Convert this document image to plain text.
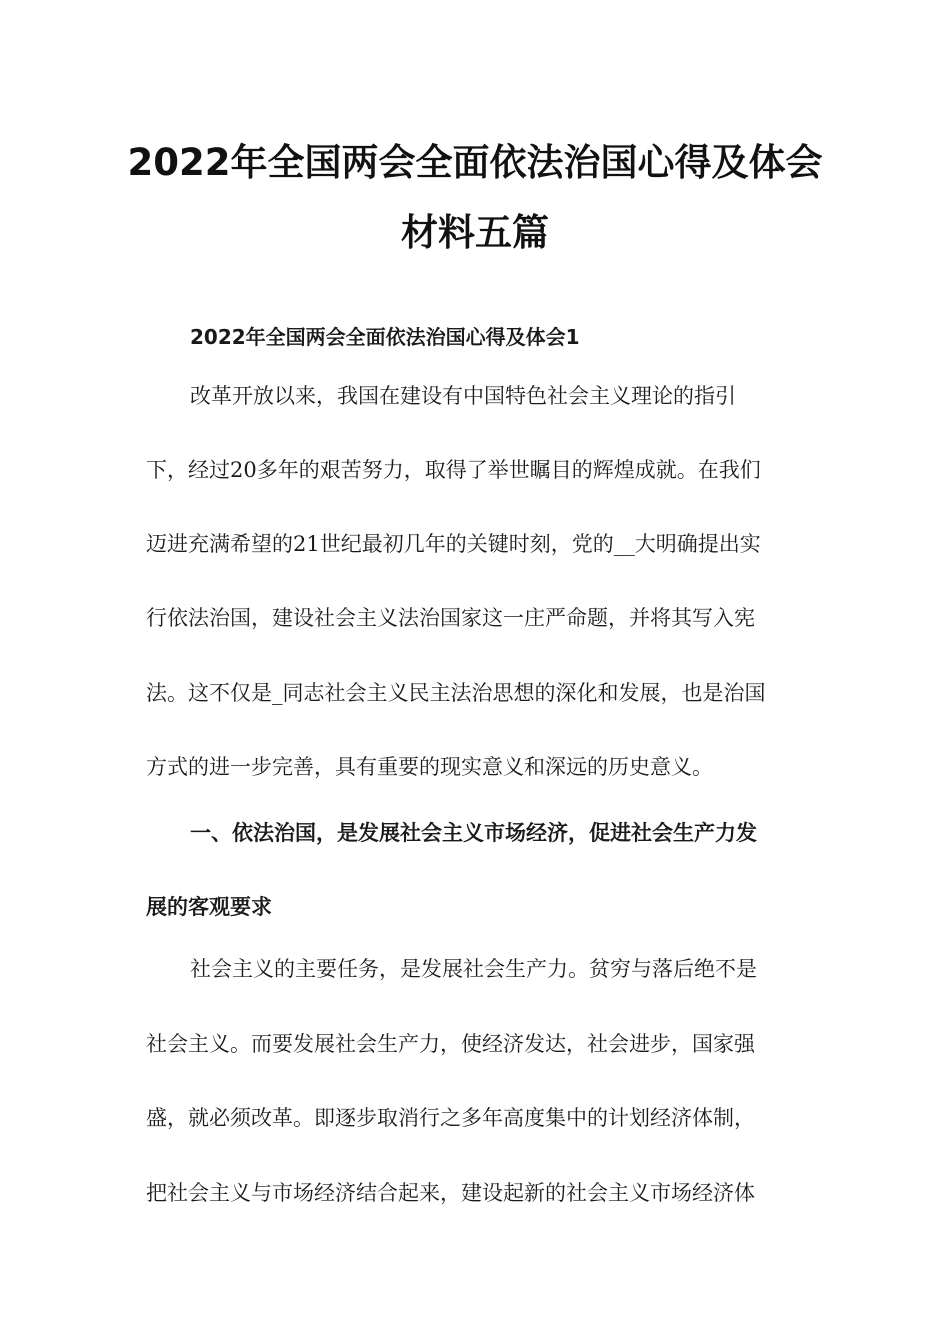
2022年全国两会全面依法治国心得及体会
材料五篇
2022年全国两会全面依法治国心得及体会1
改革开放以来，我国在建设有中国特色社会主义理论的指引
下，经过20多年的艰苦努力，取得了举世瞩目的辉煌成就。在我们
迈进充满希望的21世纪最初几年的关键时刻，党的__大明确提出实
行依法治国，建设社会主义法治国家这一庄严命题，并将其写入宪
法。这不仅是_同志社会主义民主法治思想的深化和发展，也是治国
方式的进一步完善，具有重要的现实意义和深远的历史意义。
一、依法治国，是发展社会主义市场经济，促进社会生产力发
展的客观要求
社会主义的主要任务，是发展社会生产力。贫穷与落后绝不是
社会主义。而要发展社会生产力，使经济发达，社会进步，国家强
盛，就必须改革。即逐步取消行之多年高度集中的计划经济体制，
把社会主义与市场经济结合起来，建设起新的社会主义市场经济体
